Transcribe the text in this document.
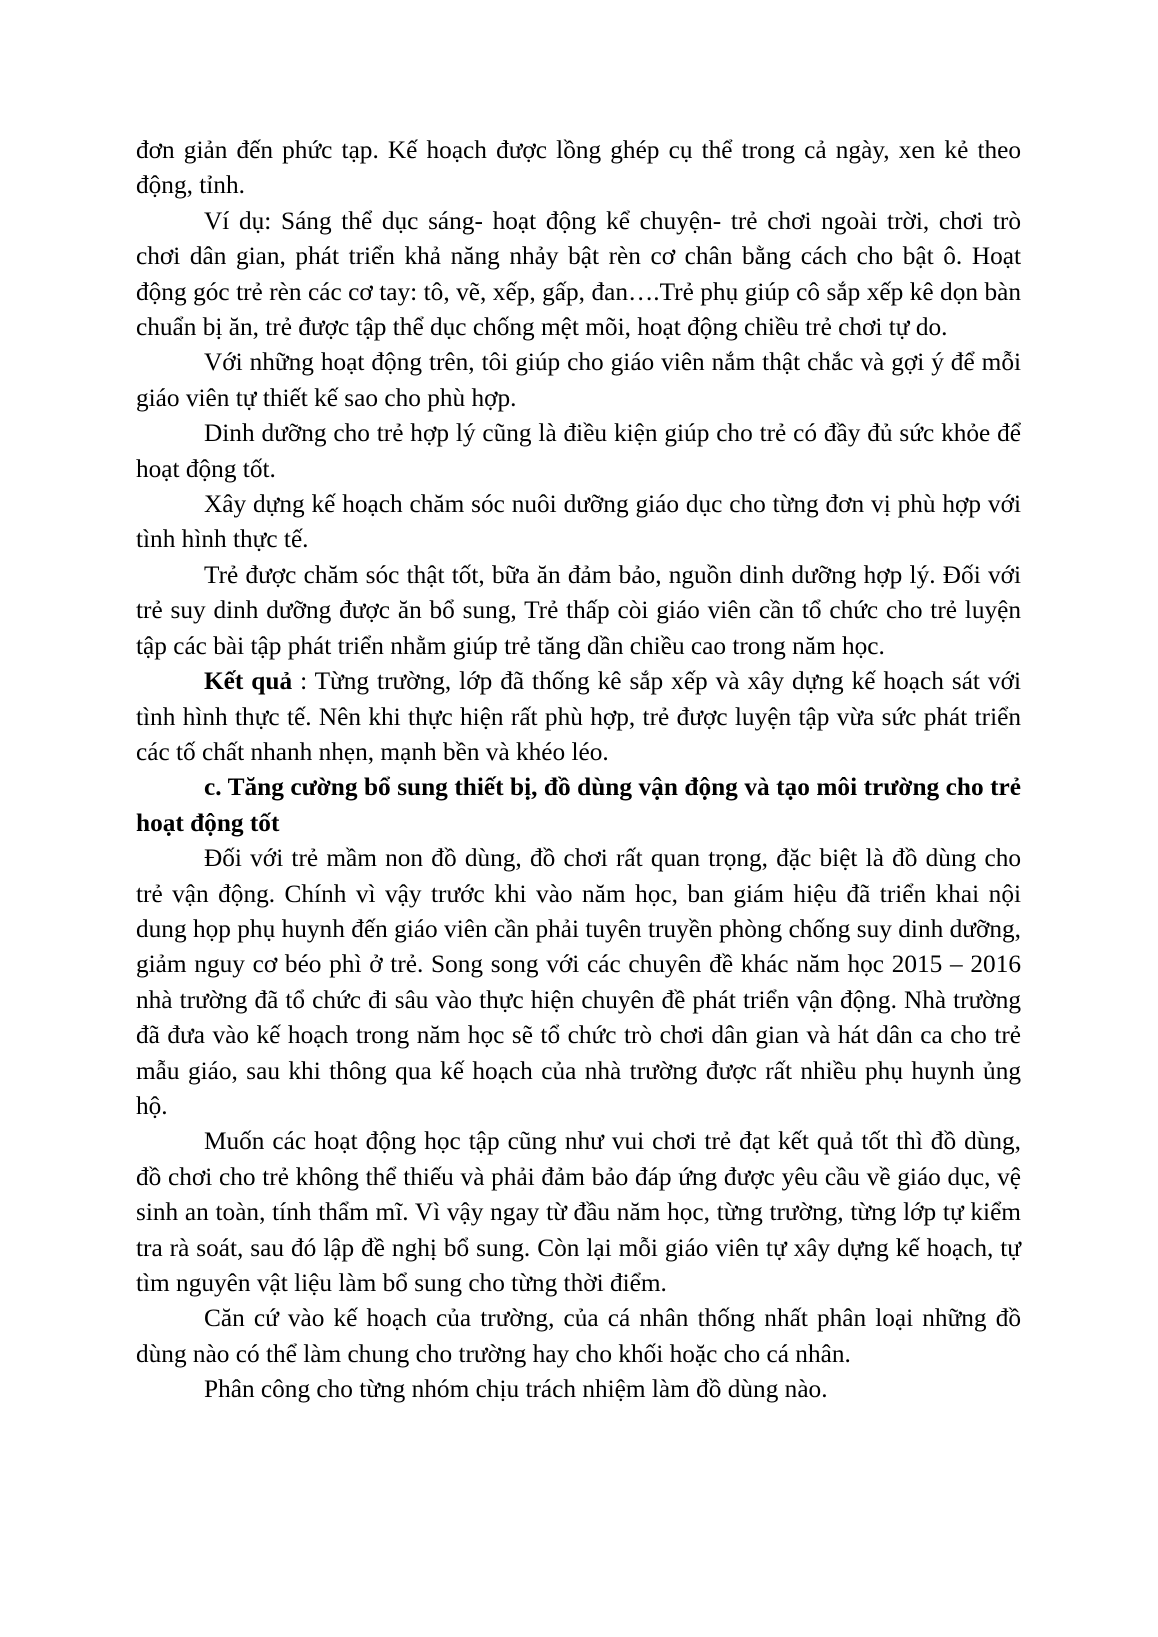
đơn giản đến phức tạp. Kế hoạch được lồng ghép cụ thể trong cả ngày, xen kẻ theo động, tỉnh.

Ví dụ: Sáng thể dục sáng- hoạt động kể chuyện- trẻ chơi ngoài trời, chơi trò chơi dân gian, phát triển khả năng nhảy bật rèn cơ chân bằng cách cho bật ô. Hoạt động góc trẻ rèn các cơ tay: tô, vẽ, xếp, gấp, đan….Trẻ phụ giúp cô sắp xếp kê dọn bàn chuẩn bị ăn, trẻ được tập thể dục chống mệt mõi, hoạt động chiều trẻ chơi tự do.

Với những hoạt động trên, tôi giúp cho giáo viên nắm thật chắc và gợi ý để mỗi giáo viên tự thiết kế sao cho phù hợp.

Dinh dưỡng cho trẻ hợp lý cũng là điều kiện giúp cho trẻ có đầy đủ sức khỏe để hoạt động tốt.

Xây dựng kế hoạch chăm sóc nuôi dưỡng giáo dục cho từng đơn vị phù hợp với tình hình thực tế.

Trẻ được chăm sóc thật tốt, bữa ăn đảm bảo, nguồn dinh dưỡng hợp lý. Đối với trẻ suy dinh dưỡng được ăn bổ sung, Trẻ thấp còi giáo viên cần tổ chức cho trẻ luyện tập các bài tập phát triển nhằm giúp trẻ tăng dần chiều cao trong năm học.

Kết quả : Từng trường, lớp đã thống kê sắp xếp và xây dựng kế hoạch sát với tình hình thực tế. Nên khi thực hiện rất phù hợp, trẻ được luyện tập vừa sức phát triển các tố chất nhanh nhẹn, mạnh bền và khéo léo.

c. Tăng cường bổ sung thiết bị, đồ dùng vận động và tạo môi trường cho trẻ hoạt động tốt

Đối với trẻ mầm non đồ dùng, đồ chơi rất quan trọng, đặc biệt là đồ dùng cho trẻ vận động. Chính vì vậy trước khi vào năm học, ban giám hiệu đã triển khai nội dung họp phụ huynh đến giáo viên cần phải tuyên truyền phòng chống suy dinh dưỡng, giảm nguy cơ béo phì ở trẻ. Song song với các chuyên đề khác năm học 2015 – 2016 nhà trường đã tổ chức đi sâu vào thực hiện chuyên đề phát triển vận động. Nhà trường đã đưa vào kế hoạch trong năm học sẽ tổ chức trò chơi dân gian và hát dân ca cho trẻ mẫu giáo, sau khi thông qua kế hoạch của nhà trường được rất nhiều phụ huynh ủng hộ.

Muốn các hoạt động học tập cũng như vui chơi trẻ đạt kết quả tốt thì đồ dùng, đồ chơi cho trẻ không thể thiếu và phải đảm bảo đáp ứng được yêu cầu về giáo dục, vệ sinh an toàn, tính thẩm mĩ. Vì vậy ngay từ đầu năm học, từng trường, từng lớp tự kiểm tra rà soát, sau đó lập đề nghị bổ sung. Còn lại mỗi giáo viên tự xây dựng kế hoạch, tự tìm nguyên vật liệu làm bổ sung cho từng thời điểm.

Căn cứ vào kế hoạch của trường, của cá nhân thống nhất phân loại những đồ dùng nào có thể làm chung cho trường hay cho khối hoặc cho cá nhân.

Phân công cho từng nhóm chịu trách nhiệm làm đồ dùng nào.
